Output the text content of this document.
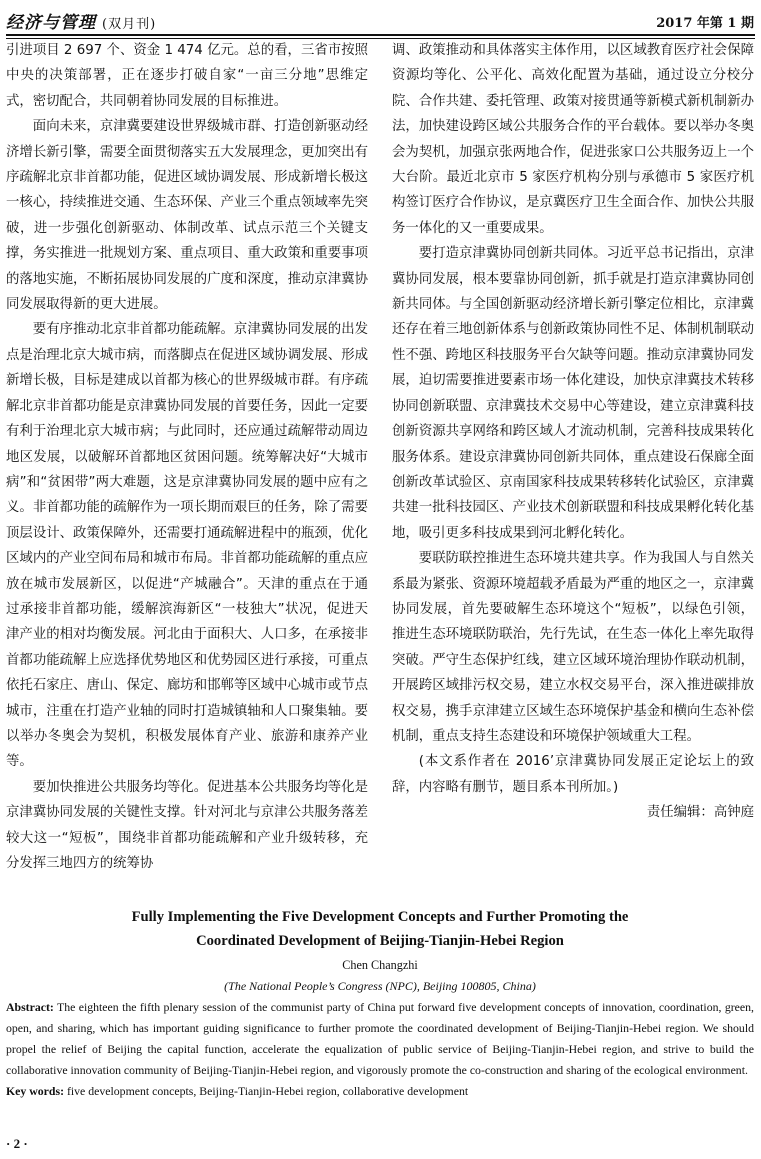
经济与管理 (双月刊)	2017 年第 1 期

引进项目 2 697 个、资金 1 474 亿元。总的看，三省市按照中央的决策部署，正在逐步打破自家“一亩三分地”思维定式，密切配合，共同朝着协同发展的目标推进。

面向未来，京津冀要建设世界级城市群、打造创新驱动经济增长新引擎，需要全面贯彻落实五大发展理念，更加突出有序疏解北京非首都功能，促进区域协调发展、形成新增长极这一核心，持续推进交通、生态环保、产业三个重点领域率先突破，进一步强化创新驱动、体制改革、试点示范三个关键支撑，务实推进一批规划方案、重点项目、重大政策和重要事项的落地实施，不断拓展协同发展的广度和深度，推动京津冀协同发展取得新的更大进展。

要有序推动北京非首都功能疏解。京津冀协同发展的出发点是治理北京大城市病，而落脚点在促进区域协调发展、形成新增长极，目标是建成以首都为核心的世界级城市群。有序疏解北京非首都功能是京津冀协同发展的首要任务，因此一定要有利于治理北京大城市病；与此同时，还应通过疏解带动周边地区发展，以破解环首都地区贫困问题。统筹解决好“大城市病”和“贫困带”两大难题，这是京津冀协同发展的题中应有之义。非首都功能的疏解作为一项长期而艰巨的任务，除了需要顶层设计、政策保障外，还需要打通疏解进程中的瓶颈，优化区域内的产业空间布局和城市布局。非首都功能疏解的重点应放在城市发展新区，以促进“产城融合”。天津的重点在于通过承接非首都功能，缓解滨海新区“一枝独大”状况，促进天津产业的相对均衡发展。河北由于面积大、人口多，在承接非首都功能疏解上应选择优势地区和优势园区进行承接，可重点依托石家庄、唐山、保定、廊坊和邯郸等区域中心城市或节点城市，注重在打造产业轴的同时打造城镇轴和人口聚集轴。要以举办冬奥会为契机，积极发展体育产业、旅游和康养产业等。

要加快推进公共服务均等化。促进基本公共服务均等化是京津冀协同发展的关键性支撑。针对河北与京津公共服务落差较大这一“短板”，围绕非首都功能疏解和产业升级转移，充分发挥三地四方的统筹协

调、政策推动和具体落实主体作用，以区域教育医疗社会保障资源均等化、公平化、高效化配置为基础，通过设立分校分院、合作共建、委托管理、政策对接贯通等新模式新机制新办法，加快建设跨区域公共服务合作的平台载体。要以举办冬奥会为契机，加强京张两地合作，促进张家口公共服务迈上一个大台阶。最近北京市 5 家医疗机构分别与承德市 5 家医疗机构签订医疗合作协议，是京冀医疗卫生全面合作、加快公共服务一体化的又一重要成果。

要打造京津冀协同创新共同体。习近平总书记指出，京津冀协同发展，根本要靠协同创新，抓手就是打造京津冀协同创新共同体。与全国创新驱动经济增长新引擎定位相比，京津冀还存在着三地创新体系与创新政策协同性不足、体制机制联动性不强、跨地区科技服务平台欠缺等问题。推动京津冀协同发展，迫切需要推进要素市场一体化建设，加快京津冀技术转移协同创新联盟、京津冀技术交易中心等建设，建立京津冀科技创新资源共享网络和跨区域人才流动机制，完善科技成果转化服务体系。建设京津冀协同创新共同体，重点建设石保廊全面创新改革试验区、京南国家科技成果转移转化试验区，京津冀共建一批科技园区、产业技术创新联盟和科技成果孵化转化基地，吸引更多科技成果到河北孵化转化。

要联防联控推进生态环境共建共享。作为我国人与自然关系最为紧张、资源环境超载矛盾最为严重的地区之一，京津冀协同发展，首先要破解生态环境这个“短板”，以绿色引领，推进生态环境联防联治，先行先试，在生态一体化上率先取得突破。严守生态保护红线，建立区域环境治理协作联动机制，开展跨区域排污权交易，建立水权交易平台，深入推进碳排放权交易，携手京津建立区域生态环境保护基金和横向生态补偿机制，重点支持生态建设和环境保护领域重大工程。

(本文系作者在 2016’京津冀协同发展正定论坛上的致辞，内容略有删节，题目系本刊所加。)

责任编辑：高钟庭

Fully Implementing the Five Development Concepts and Further Promoting the
Coordinated Development of Beijing-Tianjin-Hebei Region

Chen Changzhi

(The National People’s Congress (NPC), Beijing 100805, China)

Abstract: The eighteen the fifth plenary session of the communist party of China put forward five development concepts of innovation, coordination, green, open, and sharing, which has important guiding significance to further promote the coordinated development of Beijing-Tianjin-Hebei region. We should propel the relief of Beijing the capital function, accelerate the equalization of public service of Beijing-Tianjin-Hebei region, and strive to build the collaborative innovation community of Beijing-Tianjin-Hebei region, and vigorously promote the co-construction and sharing of the ecological environment.

Key words: five development concepts, Beijing-Tianjin-Hebei region, collaborative development

· 2 ·
